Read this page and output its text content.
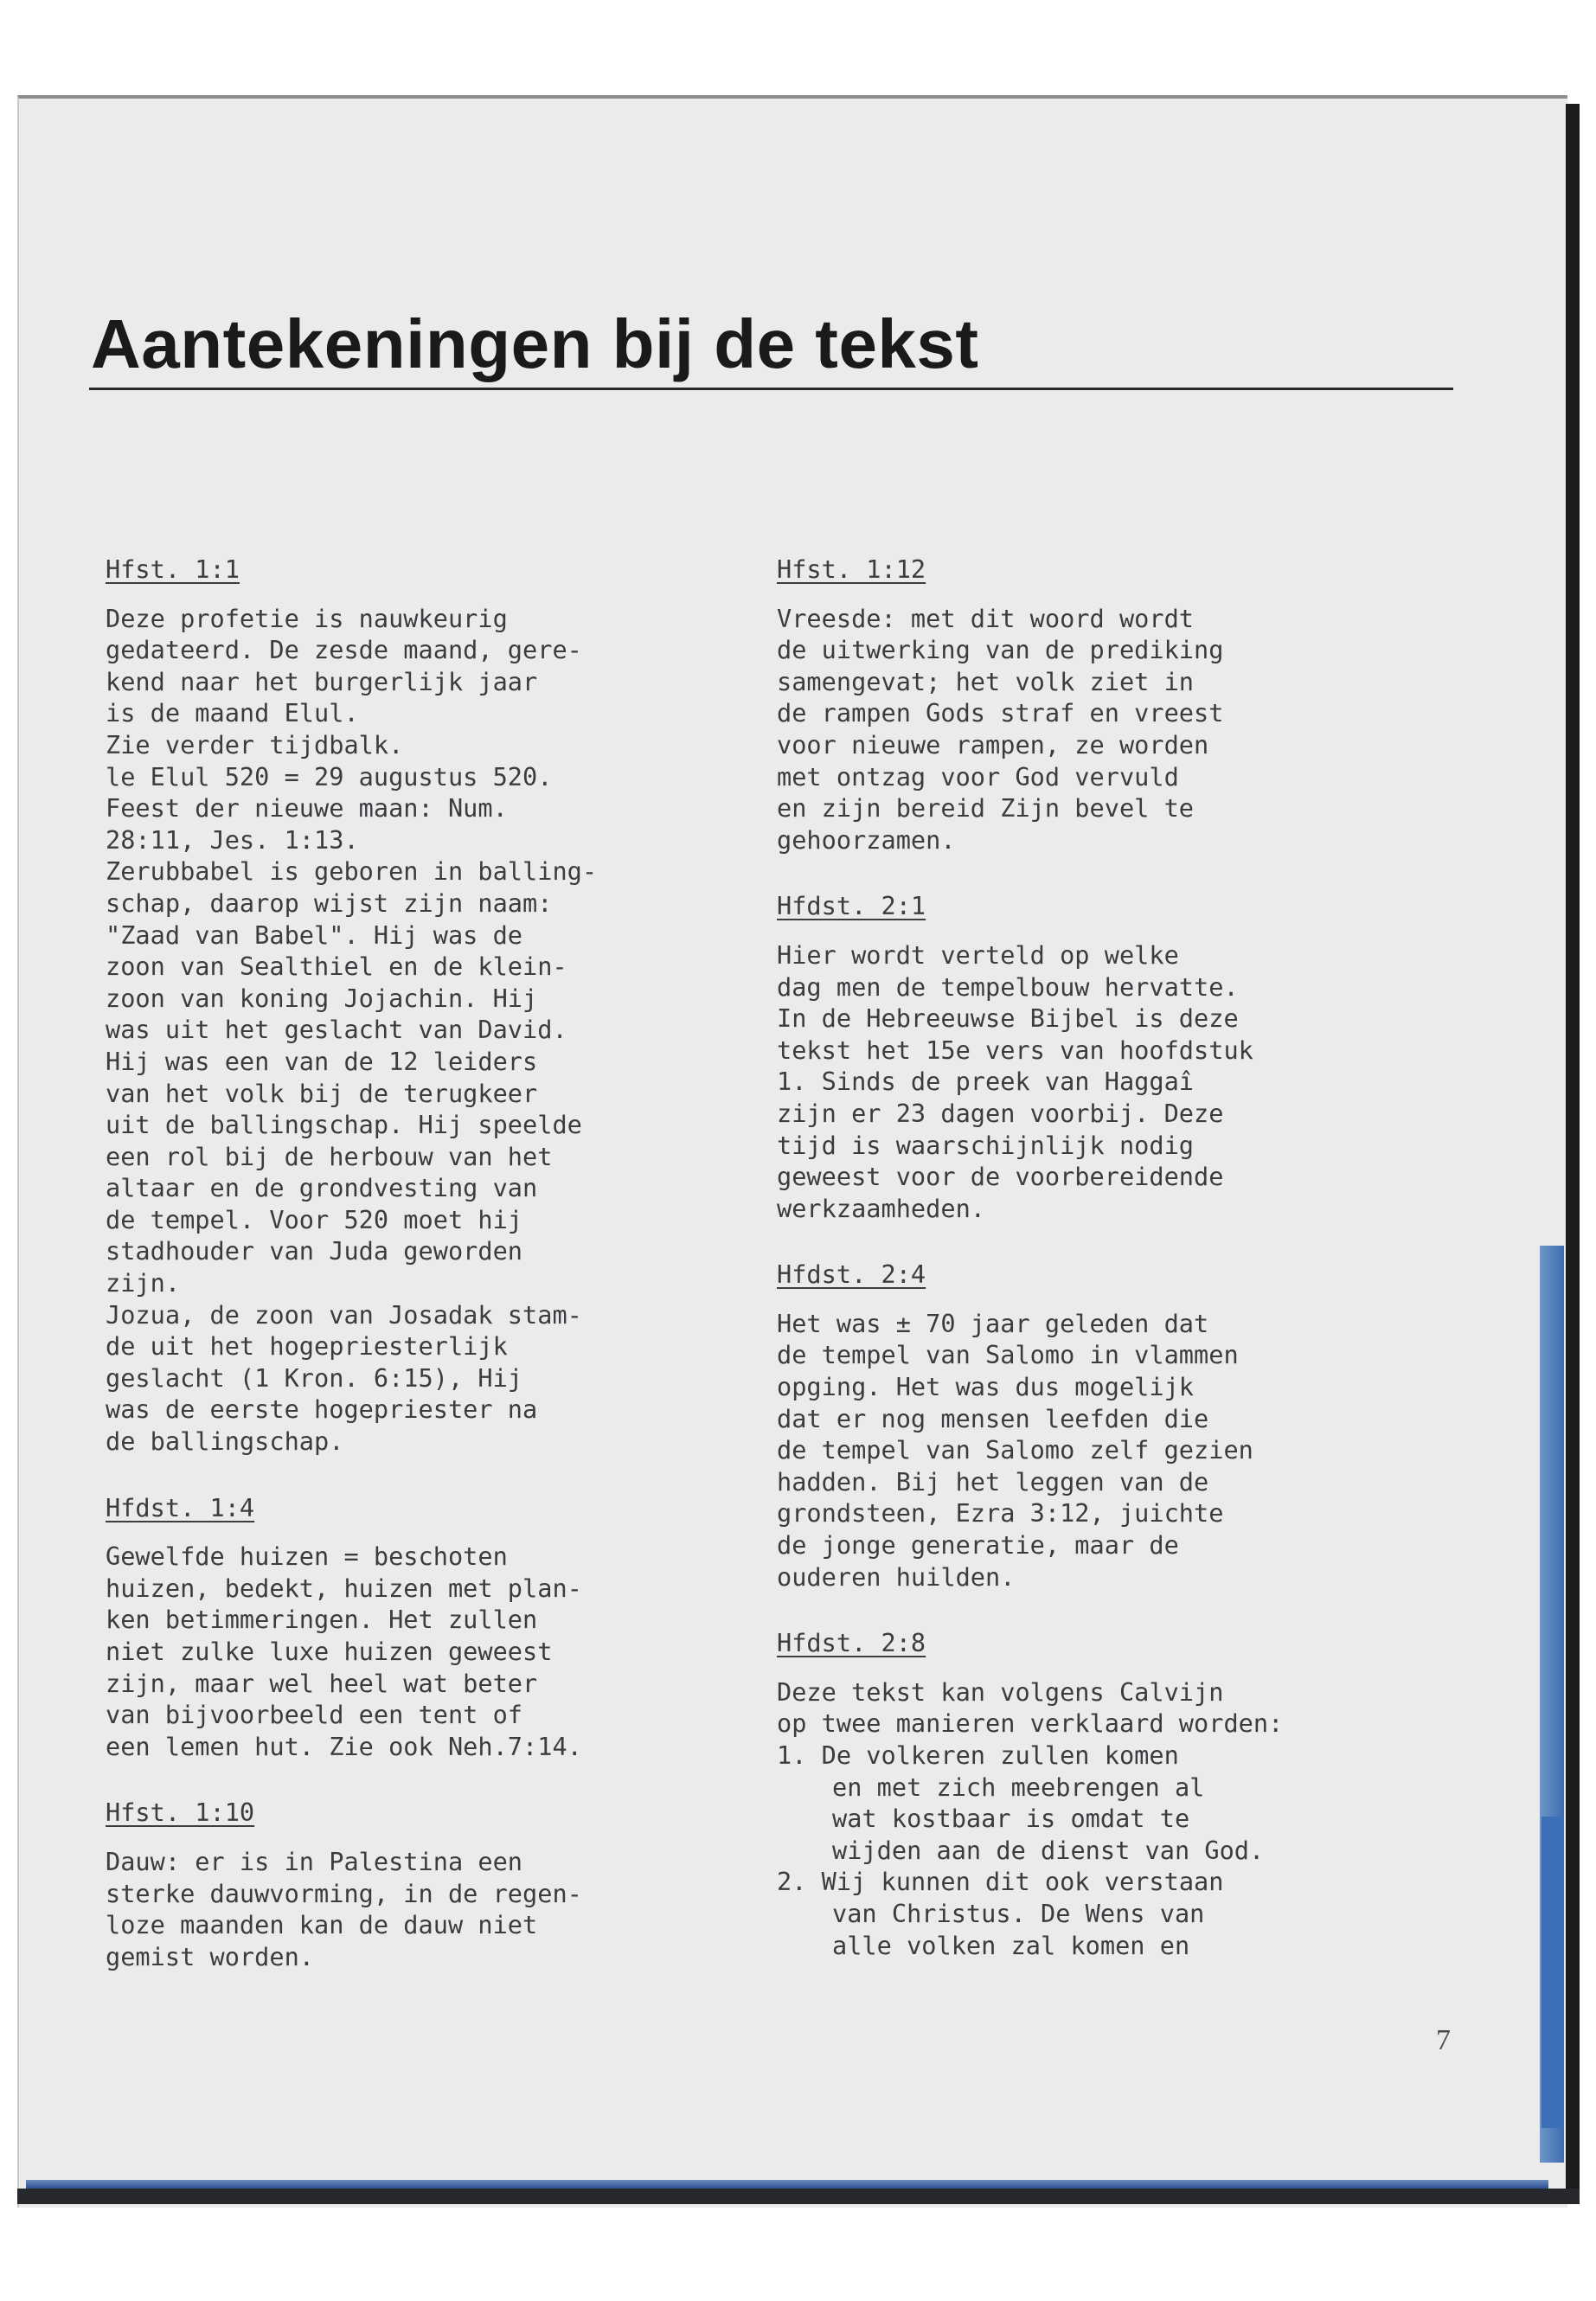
Aantekeningen bij de tekst
Hfst. 1:1
Deze profetie is nauwkeurig
gedateerd. De zesde maand, gere-
kend naar het burgerlijk jaar
is de maand Elul.
Zie verder tijdbalk.
le Elul 520 = 29 augustus 520.
Feest der nieuwe maan: Num.
28:11, Jes. 1:13.
Zerubbabel is geboren in balling-
schap, daarop wijst zijn naam:
"Zaad van Babel". Hij was de
zoon van Sealthiel en de klein-
zoon van koning Jojachin. Hij
was uit het geslacht van David.
Hij was een van de 12 leiders
van het volk bij de terugkeer
uit de ballingschap. Hij speelde
een rol bij de herbouw van het
altaar en de grondvesting van
de tempel. Voor 520 moet hij
stadhouder van Juda geworden
zijn.
Jozua, de zoon van Josadak stam-
de uit het hogepriesterlijk
geslacht (1 Kron. 6:15), Hij
was de eerste hogepriester na
de ballingschap.
Hfdst. 1:4
Gewelfde huizen = beschoten
huizen, bedekt, huizen met plan-
ken betimmeringen. Het zullen
niet zulke luxe huizen geweest
zijn, maar wel heel wat beter
van bijvoorbeeld een tent of
een lemen hut. Zie ook Neh.7:14.
Hfst. 1:10
Dauw: er is in Palestina een
sterke dauwvorming, in de regen-
loze maanden kan de dauw niet
gemist worden.
Hfst. 1:12
Vreesde: met dit woord wordt
de uitwerking van de prediking
samengevat; het volk ziet in
de rampen Gods straf en vreest
voor nieuwe rampen, ze worden
met ontzag voor God vervuld
en zijn bereid Zijn bevel te
gehoorzamen.
Hfdst. 2:1
Hier wordt verteld op welke
dag men de tempelbouw hervatte.
In de Hebreeuwse Bijbel is deze
tekst het 15e vers van hoofdstuk
1. Sinds de preek van Haggaî
zijn er 23 dagen voorbij. Deze
tijd is waarschijnlijk nodig
geweest voor de voorbereidende
werkzaamheden.
Hfdst. 2:4
Het was ± 70 jaar geleden dat
de tempel van Salomo in vlammen
opging. Het was dus mogelijk
dat er nog mensen leefden die
de tempel van Salomo zelf gezien
hadden. Bij het leggen van de
grondsteen, Ezra 3:12, juichte
de jonge generatie, maar de
ouderen huilden.
Hfdst. 2:8
Deze tekst kan volgens Calvijn
op twee manieren verklaard worden:
1. De volkeren zullen komen
en met zich meebrengen al
wat kostbaar is omdat te
wijden aan de dienst van God.
2. Wij kunnen dit ook verstaan
van Christus. De Wens van
alle volken zal komen en
7
